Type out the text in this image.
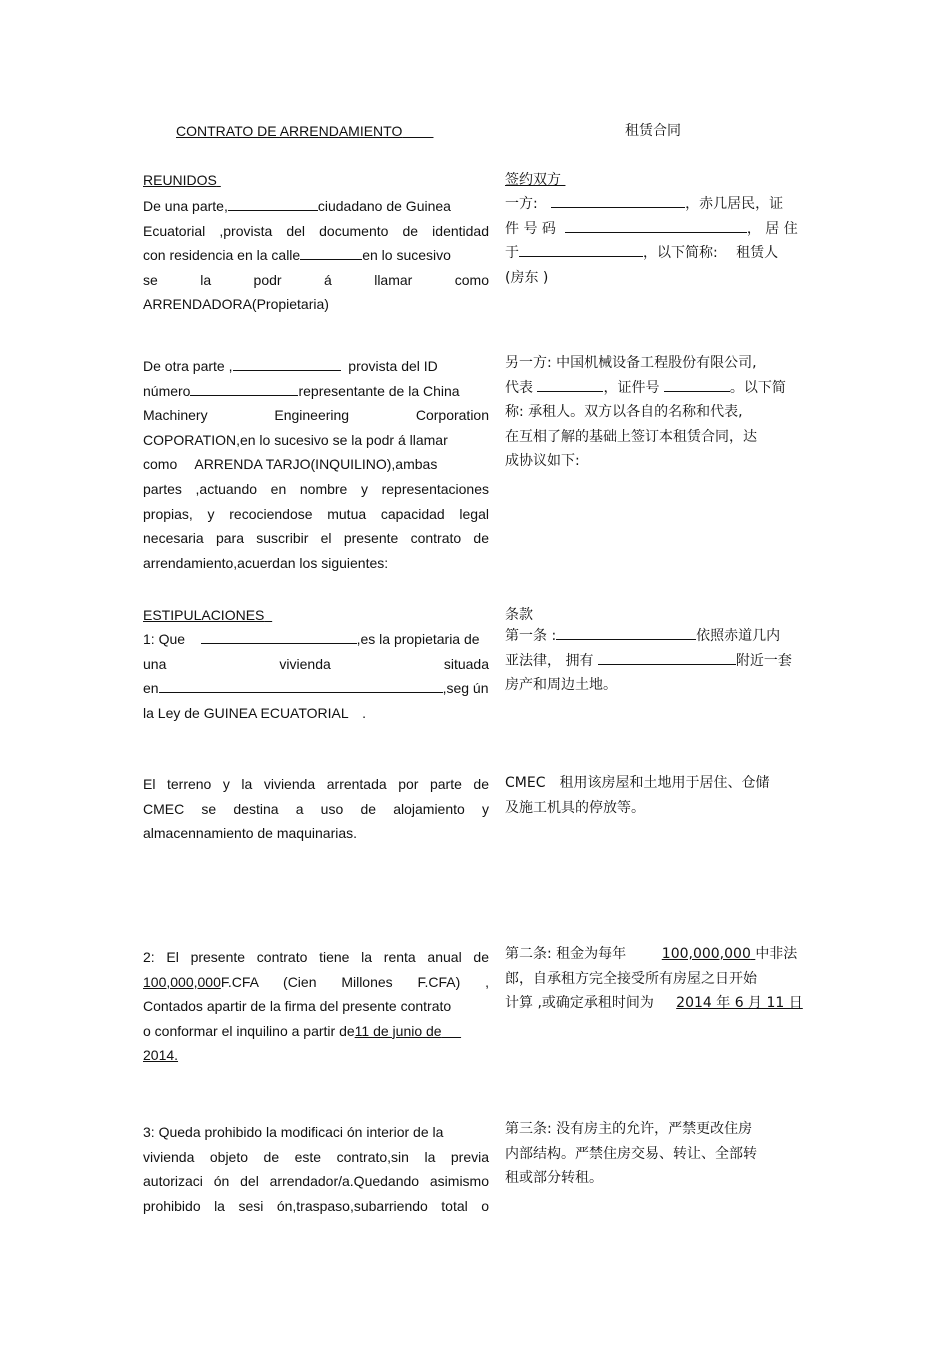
CONTRATO DE ARRENDAMIENTO	租赁合同
REUNIDOS	签约双方
De una parte,	ciudadano de Guinea
Ecuatorial ,provista del documento de identidad
con residencia en la calle	en lo sucesivo
se la podr á llamar como
ARRENDADORA(Propietaria)
一方:	，赤几居民，证
件 号 码	， 居 住
于	，以下简称:　 租赁人
(房东 )
De otra parte ,	provista del ID
número	representante de la China
Machinery Engineering Corporation
COPORATION,en lo sucesivo se la podr á llamar
como　 ARRENDA TARJO(INQUILINO),ambas
partes ,actuando en nombre y representaciones
propias, y recociendose mutua capacidad legal
necesaria para suscribir el presente contrato de
arrendamiento,acuerdan los siguientes:
另一方: 中国机械设备工程股份有限公司,
代表	，证件号	。以下简
称: 承租人。双方以各自的名称和代表,
在互相了解的基础上签订本租赁合同，达
成协议如下:
ESTIPULACIONES	条款
1: Que	,es la propietaria de
una vivienda situada
en	,seg ún
la Ley de GUINEA ECUATORIAL　.
第一条 :	依照赤道几内
亚法律， 拥有	附近一套
房产和周边土地。
El terreno y la vivienda arrentada por parte de
CMEC se destina a uso de alojamiento y
almacennamiento de maquinarias.
CMEC　租用该房屋和土地用于居住、仓储
及施工机具的停放等。
2: El presente contrato tiene la renta anual de
100,000,000F.CFA (Cien Millones F.CFA) ,
Contados apartir de la firma del presente contrato
o conformar el inquilino a partir de11 de junio de
2014.
第二条: 租金为每年	100,000,000 中非法
郎，自承租方完全接受所有房屋之日开始
计算 ,或确定承租时间为 2014 年 6 月 11 日
3: Queda prohibido la modificaci ón interior de la
vivienda objeto de este contrato,sin la previa
autorizaci ón del arrendador/a.Quedando asimismo
prohibido la sesi ón,traspaso,subarriendo total o
第三条: 没有房主的允许，严禁更改住房
内部结构。严禁住房交易、转让、全部转
租或部分转租。
